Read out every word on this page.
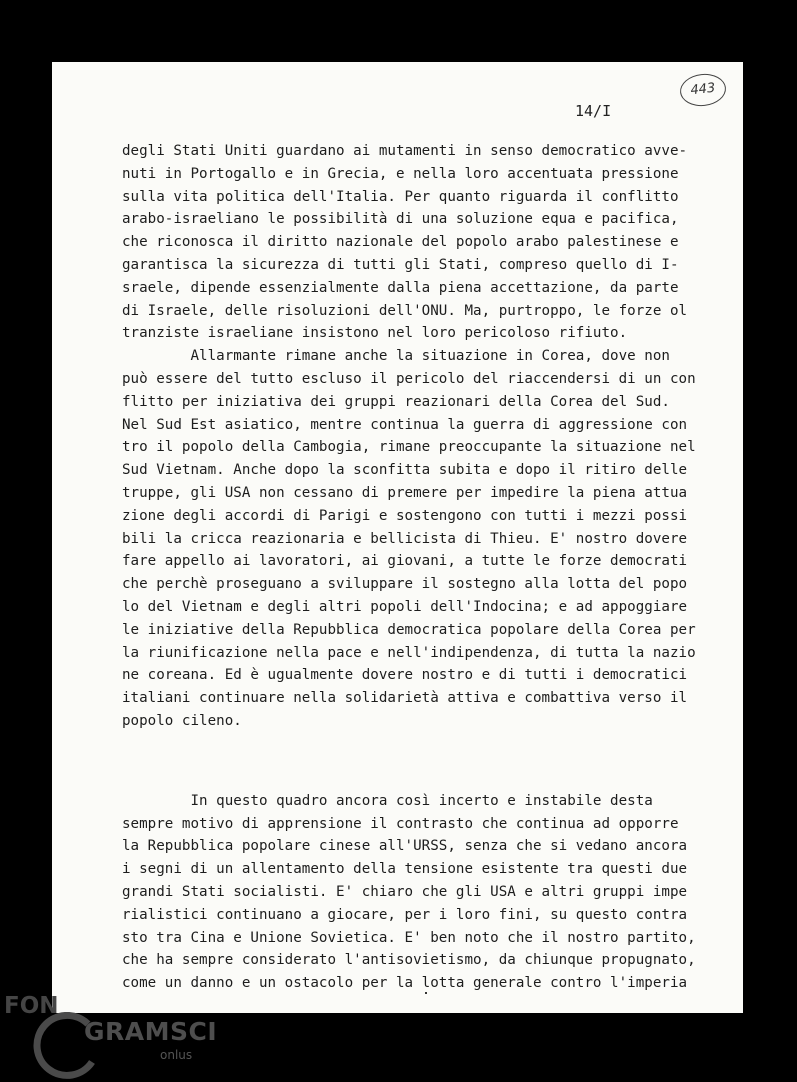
14/I
443
degli Stati Uniti guardano ai mutamenti in senso democratico avve-
nuti in Portogallo e in Grecia, e nella loro accentuata pressione
sulla vita politica dell'Italia. Per quanto riguarda il conflitto
arabo-israeliano le possibilità di una soluzione equa e pacifica,
che riconosca il diritto nazionale del popolo arabo palestinese e
garantisca la sicurezza di tutti gli Stati, compreso quello di I-
sraele, dipende essenzialmente dalla piena accettazione, da parte
di Israele, delle risoluzioni dell'ONU. Ma, purtroppo, le forze ol
tranziste israeliane insistono nel loro pericoloso rifiuto.
Allarmante rimane anche la situazione in Corea, dove non
può essere del tutto escluso il pericolo del riaccendersi di un con
flitto per iniziativa dei gruppi reazionari della Corea del Sud.
Nel Sud Est asiatico, mentre continua la guerra di aggressione con
tro il popolo della Cambogia, rimane preoccupante la situazione nel
Sud Vietnam. Anche dopo la sconfitta subita e dopo il ritiro delle
truppe, gli USA non cessano di premere per impedire la piena attua
zione degli accordi di Parigi e sostengono con tutti i mezzi possi
bili la cricca reazionaria e bellicista di Thieu. E' nostro dovere
fare appello ai lavoratori, ai giovani, a tutte le forze democrati
che perchè proseguano a sviluppare il sostegno alla lotta del popo
lo del Vietnam e degli altri popoli dell'Indocina; e ad appoggiare
le iniziative della Repubblica democratica popolare della Corea per
la riunificazione nella pace e nell'indipendenza, di tutta la nazio
ne coreana. Ed è ugualmente dovere nostro e di tutti i democratici
italiani continuare nella solidarietà attiva e combattiva verso il
popolo cileno.
In questo quadro ancora così incerto e instabile desta
sempre motivo di apprensione il contrasto che continua ad opporre
la Repubblica popolare cinese all'URSS, senza che si vedano ancora
i segni di un allentamento della tensione esistente tra questi due
grandi Stati socialisti. E' chiaro che gli USA e altri gruppi impe
rialistici continuano a giocare, per i loro fini, su questo contra
sto tra Cina e Unione Sovietica. E' ben noto che il nostro partito,
che ha sempre considerato l'antisovietismo, da chiunque propugnato,
come un danno e un ostacolo per la lotta generale contro l'imperia
FON
GRAMSCI
onlus
